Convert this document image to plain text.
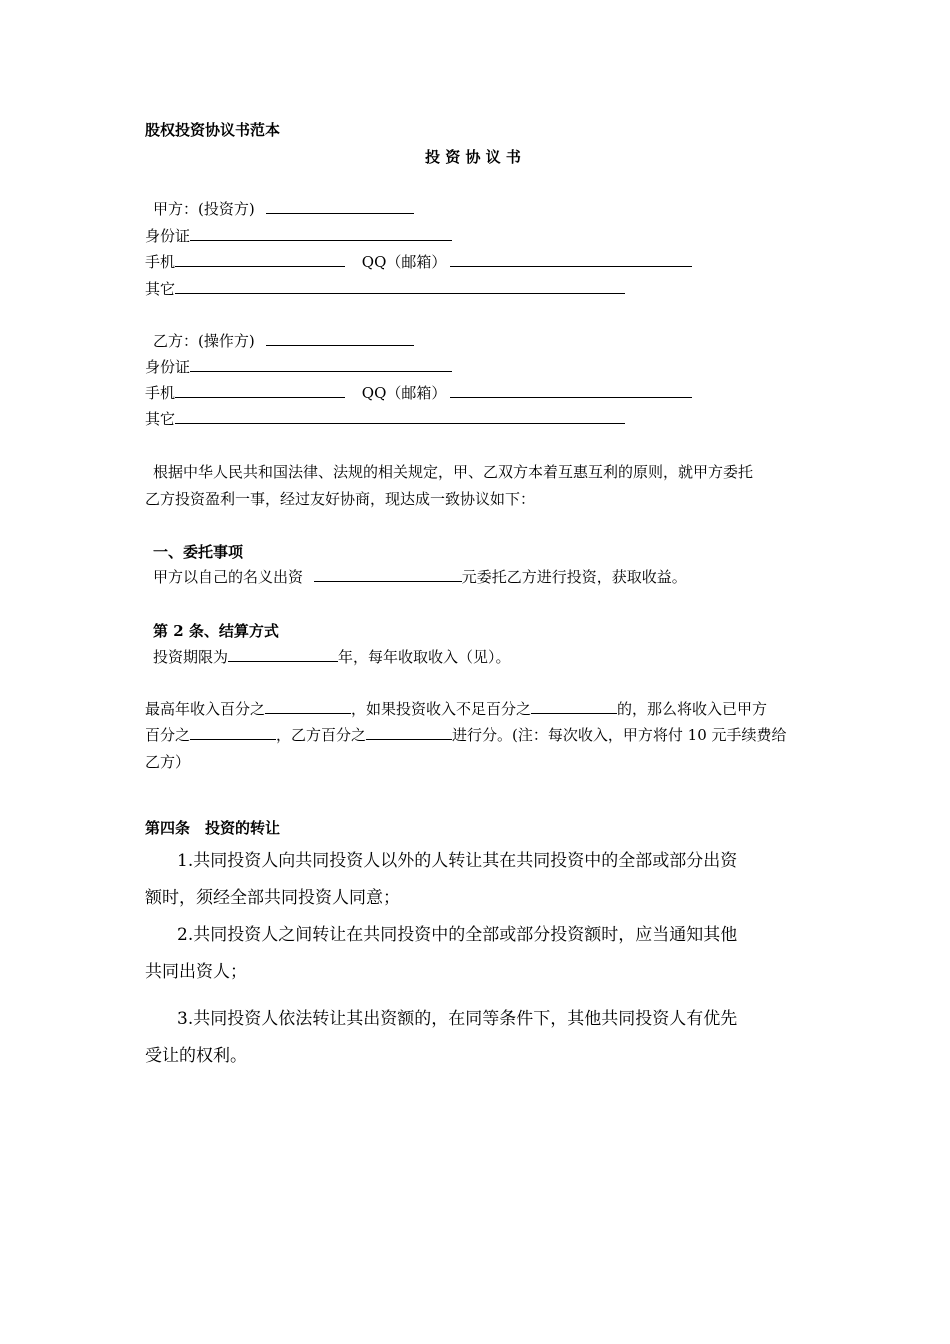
股权投资协议书范本
投 资 协 议 书
甲方：(投资方)
身份证
手机	QQ（邮箱）
其它
乙方：(操作方)
身份证
手机	QQ（邮箱）
其它
根据中华人民共和国法律、法规的相关规定，甲、乙双方本着互惠互利的原则，就甲方委托
乙方投资盈利一事，经过友好协商，现达成一致协议如下：
一、委托事项
甲方以自己的名义出资	元委托乙方进行投资，获取收益。
第 2 条、结算方式
投资期限为	年，每年收取收入（见）。
最高年收入百分之	，如果投资收入不足百分之	的，那么将收入已甲方
百分之	，乙方百分之	进行分。(注：每次收入，甲方将付 10 元手续费给
乙方）
第四条　投资的转让
1.共同投资人向共同投资人以外的人转让其在共同投资中的全部或部分出资
额时，须经全部共同投资人同意；
2.共同投资人之间转让在共同投资中的全部或部分投资额时，应当通知其他
共同出资人；
3.共同投资人依法转让其出资额的，在同等条件下，其他共同投资人有优先
受让的权利。
